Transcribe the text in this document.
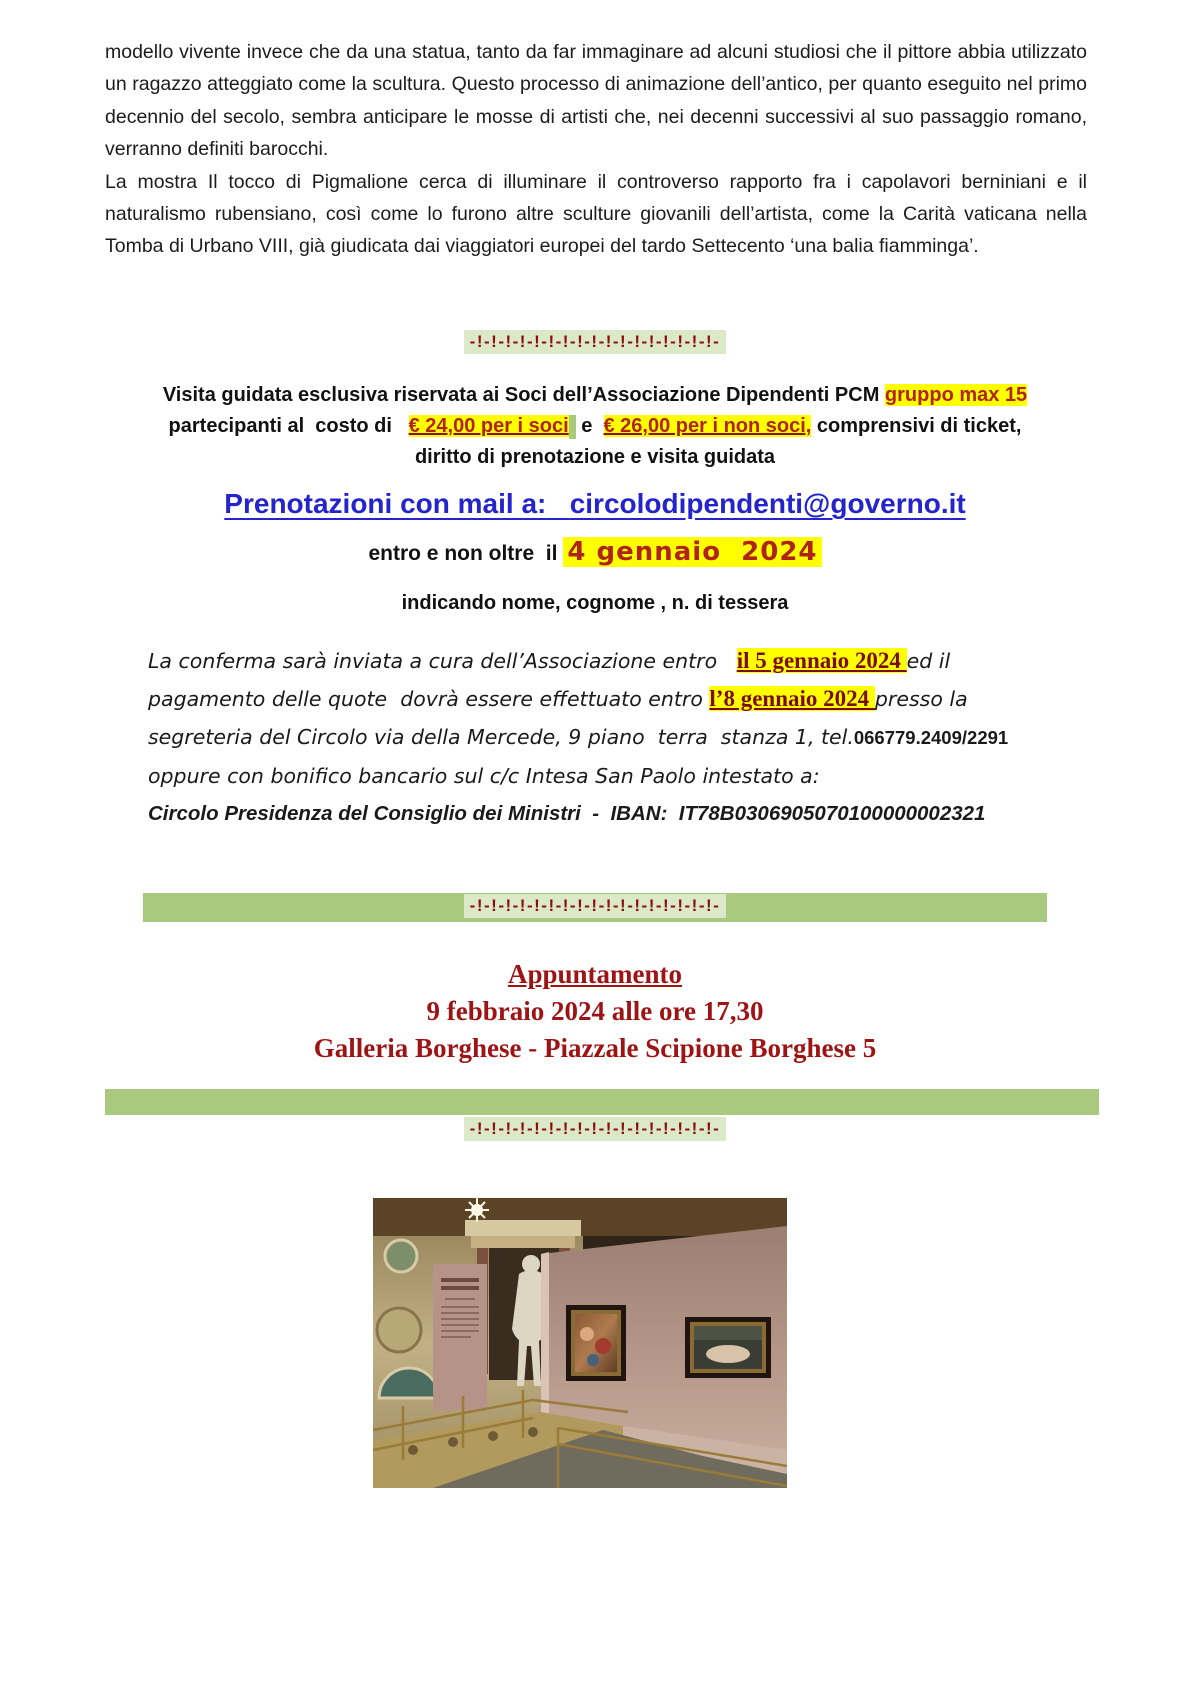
modello vivente invece che da una statua, tanto da far immaginare ad alcuni studiosi che il pittore abbia utilizzato un ragazzo atteggiato come la scultura. Questo processo di animazione dell’antico, per quanto eseguito nel primo decennio del secolo, sembra anticipare le mosse di artisti che, nei decenni successivi al suo passaggio romano, verranno definiti barocchi.

La mostra Il tocco di Pigmalione cerca di illuminare il controverso rapporto fra i capolavori berniniani e il naturalismo rubensiano, così come lo furono altre sculture giovanili dell’artista, come la Carità vaticana nella Tomba di Urbano VIII, già giudicata dai viaggiatori europei del tardo Settecento ‘una balia fiamminga’.

-!-!-!-!-!-!-!-!-!-!-!-!-!-!-!-!-!-
Visita guidata esclusiva riservata ai Soci dell’Associazione Dipendenti PCM gruppo max 15
partecipanti al  costo di   € 24,00 per i soci e  € 26,00 per i non soci, comprensivi di ticket,
diritto di prenotazione e visita guidata
Prenotazioni con mail a: circolodipendenti@governo.it
entro e non oltre  il 4 gennaio  2024
indicando nome, cognome , n. di tessera
La conferma sarà inviata a cura dell’Associazione entro   il 5 gennaio 2024 ed il
pagamento delle quote  dovrà essere effettuato entro l’8 gennaio 2024 presso la
segreteria del Circolo via della Mercede, 9 piano  terra  stanza 1, tel.066779.2409/2291
oppure con bonifico bancario sul c/c Intesa San Paolo intestato a:
Circolo Presidenza del Consiglio dei Ministri  -  IBAN:  IT78B0306905070100000002321
-!-!-!-!-!-!-!-!-!-!-!-!-!-!-!-!-!-
Appuntamento
9 febbraio 2024 alle ore 17,30
Galleria Borghese - Piazzale Scipione Borghese 5
-!-!-!-!-!-!-!-!-!-!-!-!-!-!-!-!-!-
